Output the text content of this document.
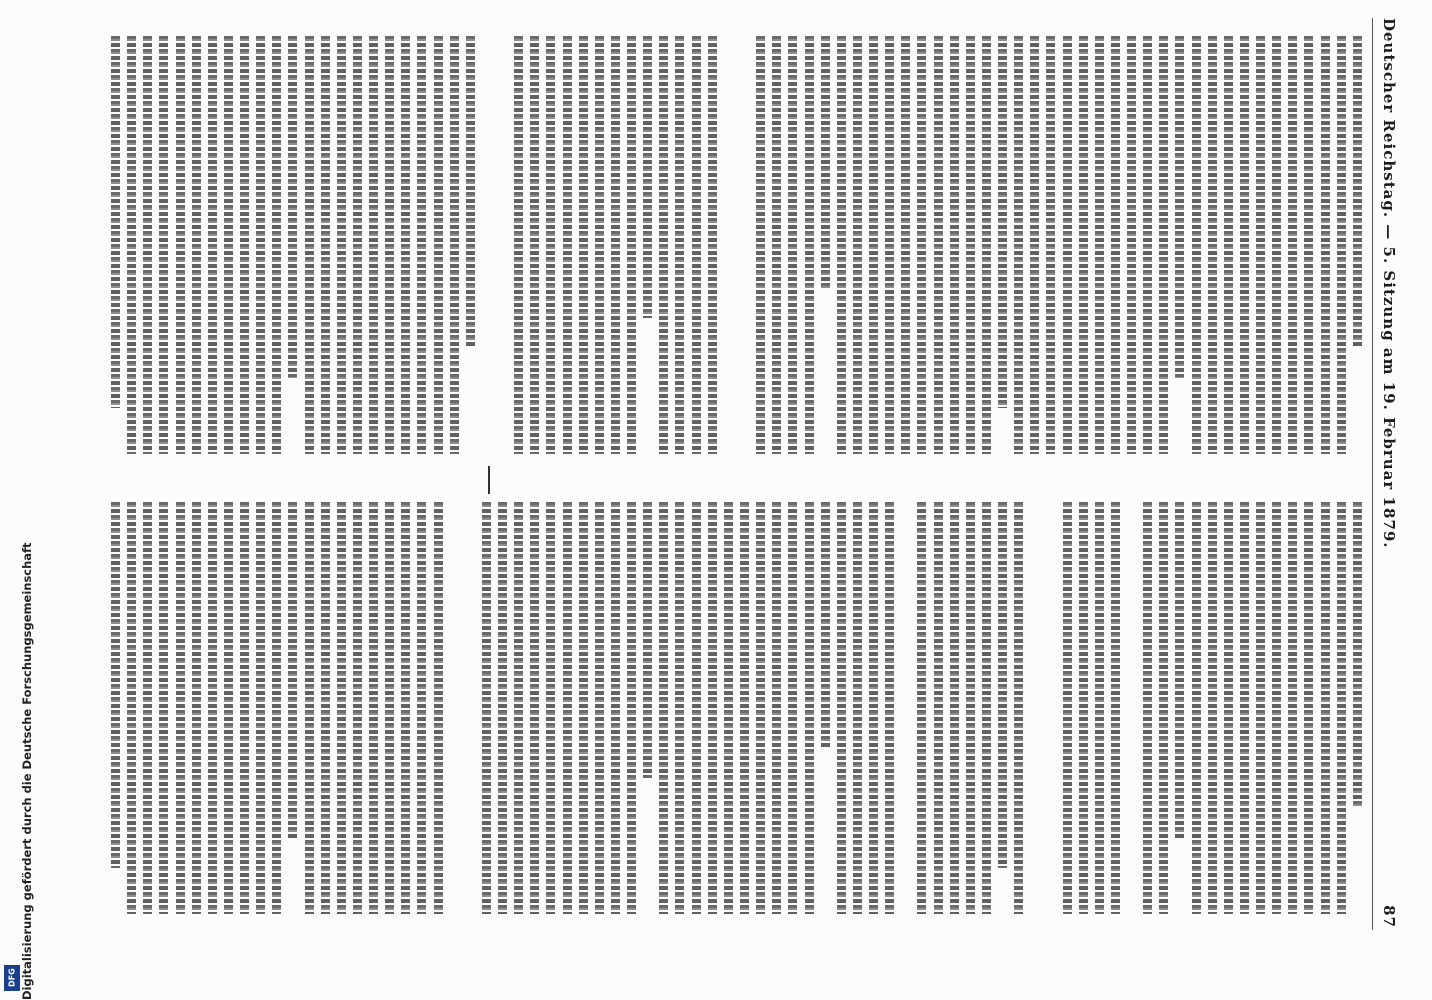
Deutscher Reichstag. — 5. Sitzung am 19. Februar 1879.
87
Digitalisierung gefördert durch die Deutsche Forschungsgemeinschaft
DFG
